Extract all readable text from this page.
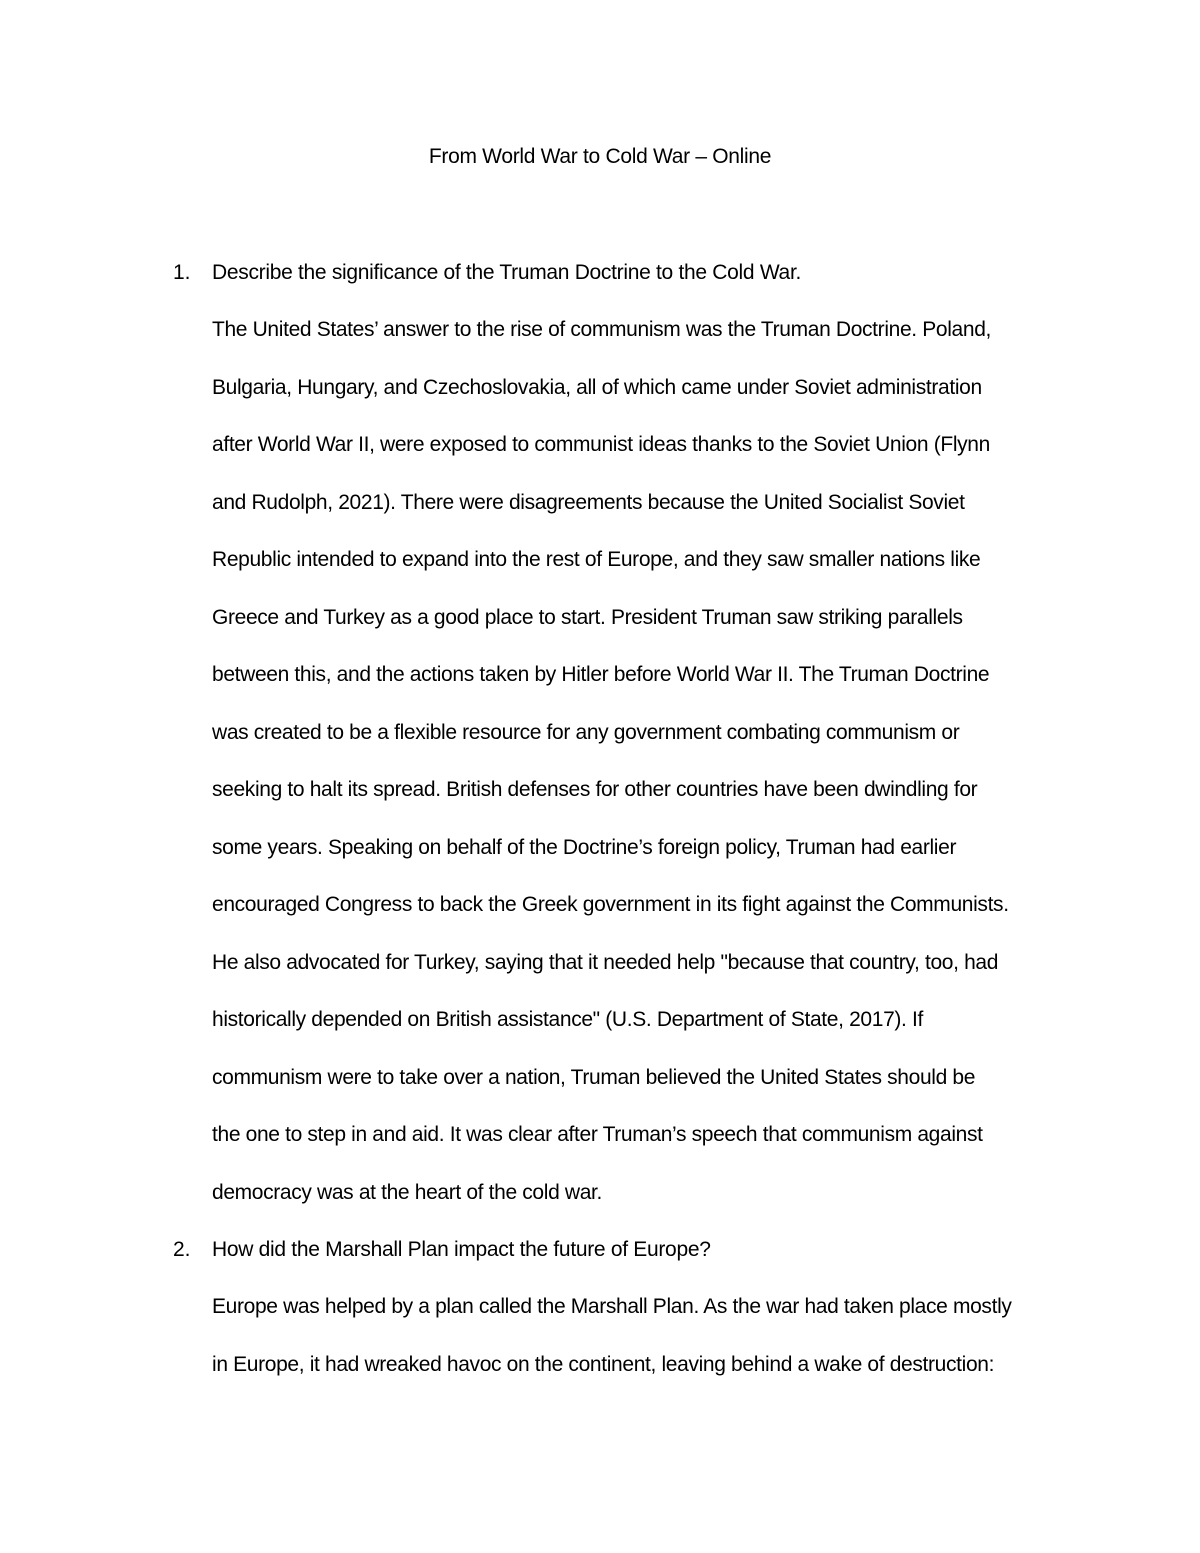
From World War to Cold War – Online
1. Describe the significance of the Truman Doctrine to the Cold War.
The United States’ answer to the rise of communism was the Truman Doctrine. Poland,
Bulgaria, Hungary, and Czechoslovakia, all of which came under Soviet administration
after World War II, were exposed to communist ideas thanks to the Soviet Union (Flynn
and Rudolph, 2021). There were disagreements because the United Socialist Soviet
Republic intended to expand into the rest of Europe, and they saw smaller nations like
Greece and Turkey as a good place to start. President Truman saw striking parallels
between this, and the actions taken by Hitler before World War II. The Truman Doctrine
was created to be a flexible resource for any government combating communism or
seeking to halt its spread. British defenses for other countries have been dwindling for
some years. Speaking on behalf of the Doctrine’s foreign policy, Truman had earlier
encouraged Congress to back the Greek government in its fight against the Communists.
He also advocated for Turkey, saying that it needed help "because that country, too, had
historically depended on British assistance" (U.S. Department of State, 2017). If
communism were to take over a nation, Truman believed the United States should be
the one to step in and aid. It was clear after Truman’s speech that communism against
democracy was at the heart of the cold war.
2. How did the Marshall Plan impact the future of Europe?
Europe was helped by a plan called the Marshall Plan. As the war had taken place mostly
in Europe, it had wreaked havoc on the continent, leaving behind a wake of destruction:
